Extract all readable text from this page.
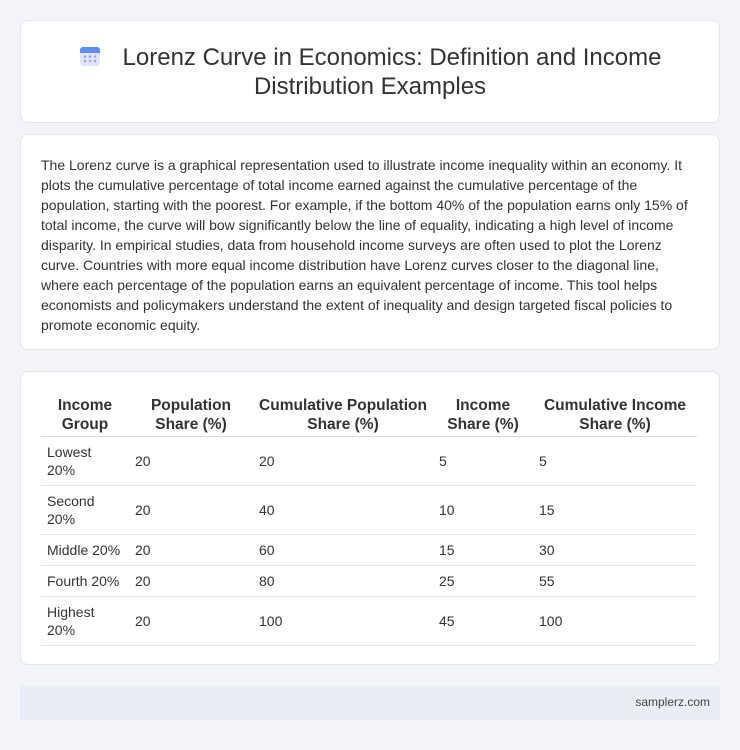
Lorenz Curve in Economics: Definition and Income Distribution Examples

The Lorenz curve is a graphical representation used to illustrate income inequality within an economy. It plots the cumulative percentage of total income earned against the cumulative percentage of the population, starting with the poorest. For example, if the bottom 40% of the population earns only 15% of total income, the curve will bow significantly below the line of equality, indicating a high level of income disparity. In empirical studies, data from household income surveys are often used to plot the Lorenz curve. Countries with more equal income distribution have Lorenz curves closer to the diagonal line, where each percentage of the population earns an equivalent percentage of income. This tool helps economists and policymakers understand the extent of inequality and design targeted fiscal policies to promote economic equity.

Income Group	Population Share (%)	Cumulative Population Share (%)	Income Share (%)	Cumulative Income Share (%)
Lowest 20%	20	20	5	5
Second 20%	20	40	10	15
Middle 20%	20	60	15	30
Fourth 20%	20	80	25	55
Highest 20%	20	100	45	100
samplerz.com
